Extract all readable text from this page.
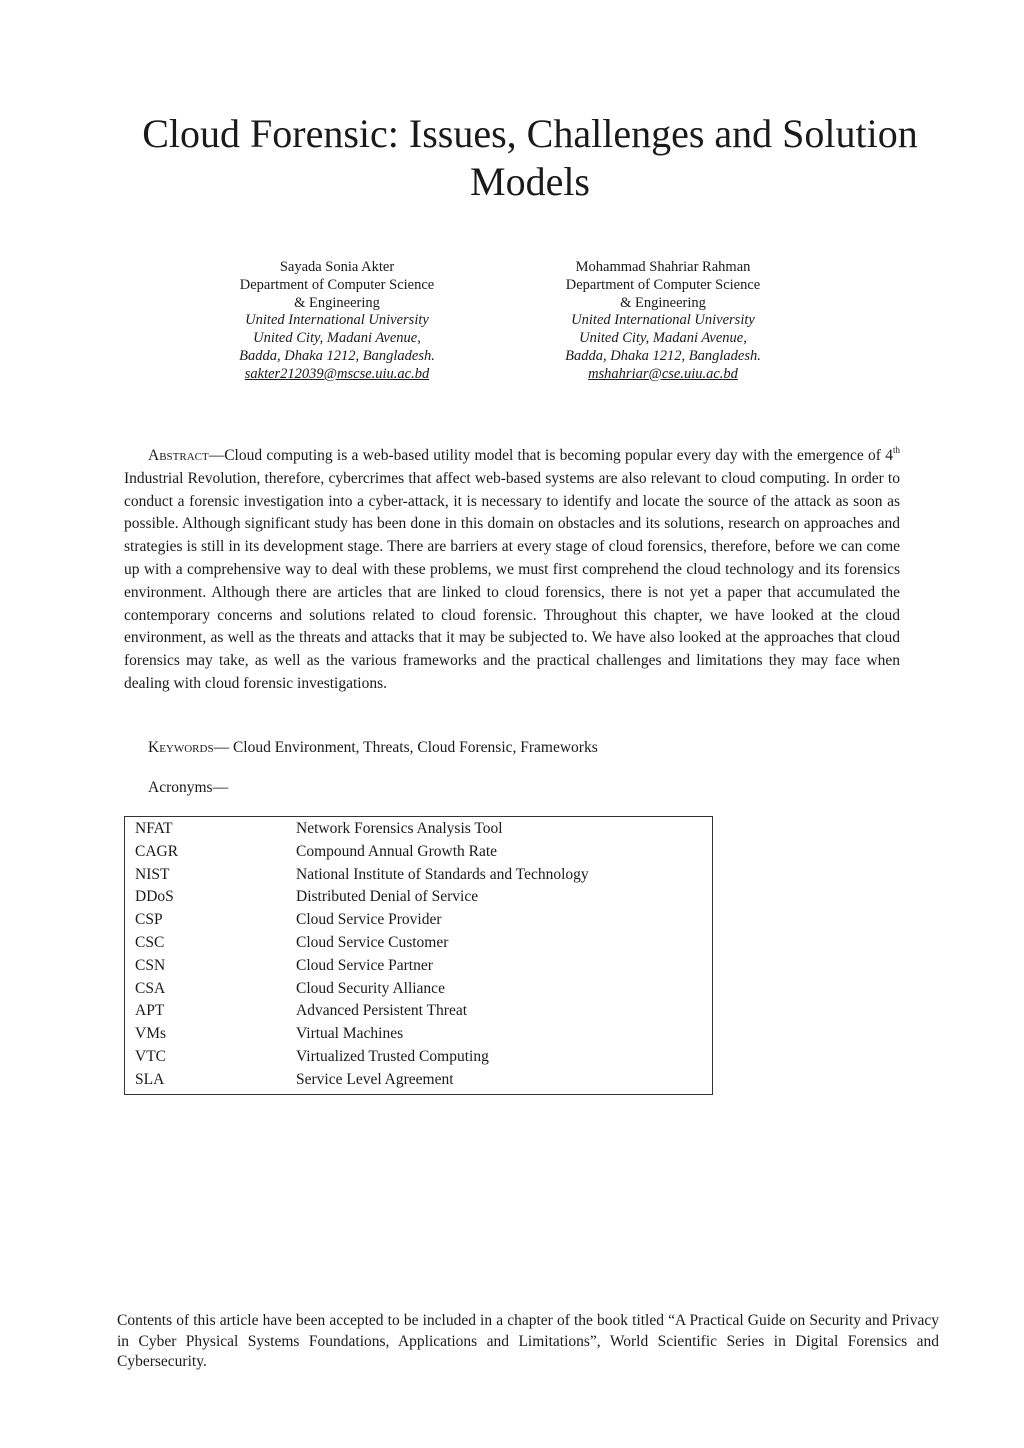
Cloud Forensic: Issues, Challenges and Solution
Models
Sayada Sonia Akter
Department of Computer Science
& Engineering
United International University
United City, Madani Avenue,
Badda, Dhaka 1212, Bangladesh.
sakter212039@mscse.uiu.ac.bd
Mohammad Shahriar Rahman
Department of Computer Science
& Engineering
United International University
United City, Madani Avenue,
Badda, Dhaka 1212, Bangladesh.
mshahriar@cse.uiu.ac.bd

Abstract—Cloud computing is a web-based utility model that is becoming popular every day with the emergence of 4th Industrial Revolution, therefore, cybercrimes that affect web-based systems are also relevant to cloud computing. In order to conduct a forensic investigation into a cyber-attack, it is necessary to identify and locate the source of the attack as soon as possible. Although significant study has been done in this domain on obstacles and its solutions, research on approaches and strategies is still in its development stage. There are barriers at every stage of cloud forensics, therefore, before we can come up with a comprehensive way to deal with these problems, we must first comprehend the cloud technology and its forensics environment. Although there are articles that are linked to cloud forensics, there is not yet a paper that accumulated the contemporary concerns and solutions related to cloud forensic. Throughout this chapter, we have looked at the cloud environment, as well as the threats and attacks that it may be subjected to. We have also looked at the approaches that cloud forensics may take, as well as the various frameworks and the practical challenges and limitations they may face when dealing with cloud forensic investigations.

Keywords— Cloud Environment, Threats, Cloud Forensic, Frameworks

Acronyms—

NFAT	Network Forensics Analysis Tool
CAGR	Compound Annual Growth Rate
NIST	National Institute of Standards and Technology
DDoS	Distributed Denial of Service
CSP	Cloud Service Provider
CSC	Cloud Service Customer
CSN	Cloud Service Partner
CSA	Cloud Security Alliance
APT	Advanced Persistent Threat
VMs	Virtual Machines
VTC	Virtualized Trusted Computing
SLA	Service Level Agreement

Contents of this article have been accepted to be included in a chapter of the book titled “A Practical Guide on Security and Privacy in Cyber Physical Systems Foundations, Applications and Limitations”, World Scientific Series in Digital Forensics and Cybersecurity.
